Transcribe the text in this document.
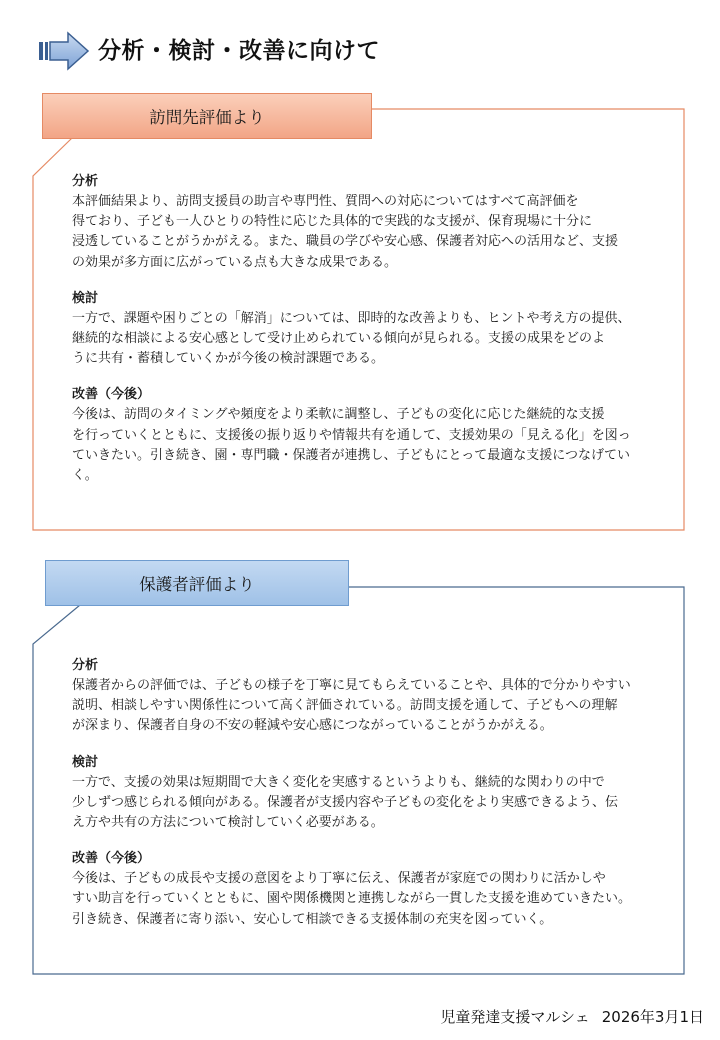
分析・検討・改善に向けて
訪問先評価より
分析
本評価結果より、訪問支援員の助言や専門性、質問への対応についてはすべて高評価を
得ており、子ども一人ひとりの特性に応じた具体的で実践的な支援が、保育現場に十分に
浸透していることがうかがえる。また、職員の学びや安心感、保護者対応への活用など、支援
の効果が多方面に広がっている点も大きな成果である。
検討
一方で、課題や困りごとの「解消」については、即時的な改善よりも、ヒントや考え方の提供、
継続的な相談による安心感として受け止められている傾向が見られる。支援の成果をどのよ
うに共有・蓄積していくかが今後の検討課題である。
改善（今後）
今後は、訪問のタイミングや頻度をより柔軟に調整し、子どもの変化に応じた継続的な支援
を行っていくとともに、支援後の振り返りや情報共有を通して、支援効果の「見える化」を図っ
ていきたい。引き続き、園・専門職・保護者が連携し、子どもにとって最適な支援につなげてい
く。
保護者評価より
分析
保護者からの評価では、子どもの様子を丁寧に見てもらえていることや、具体的で分かりやすい
説明、相談しやすい関係性について高く評価されている。訪問支援を通して、子どもへの理解
が深まり、保護者自身の不安の軽減や安心感につながっていることがうかがえる。
検討
一方で、支援の効果は短期間で大きく変化を実感するというよりも、継続的な関わりの中で
少しずつ感じられる傾向がある。保護者が支援内容や子どもの変化をより実感できるよう、伝
え方や共有の方法について検討していく必要がある。
改善（今後）
今後は、子どもの成長や支援の意図をより丁寧に伝え、保護者が家庭での関わりに活かしや
すい助言を行っていくとともに、園や関係機関と連携しながら一貫した支援を進めていきたい。
引き続き、保護者に寄り添い、安心して相談できる支援体制の充実を図っていく。
児童発達支援マルシェ 2026年3月1日
